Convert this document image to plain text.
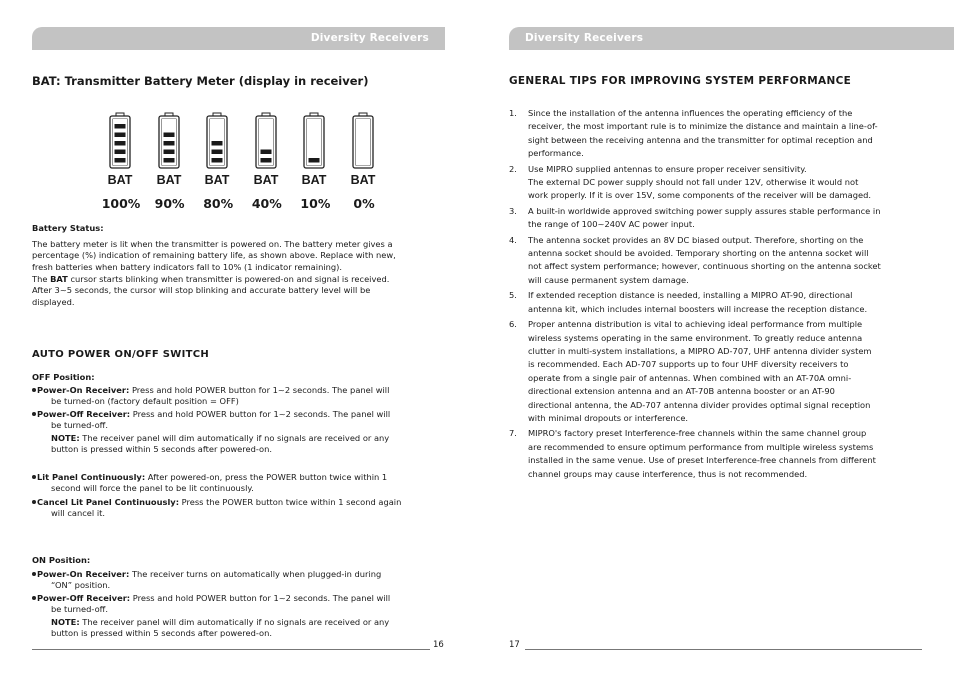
Diversity Receivers
BAT: Transmitter Battery Meter (display in receiver)
BAT
100%
BAT
90%
BAT
80%
BAT
40%
BAT
10%
BAT
0%

Battery Status:

The battery meter is lit when the transmitter is powered on. The battery meter gives a
percentage (%) indication of remaining battery life, as shown above. Replace with new,
fresh batteries when battery indicators fall to 10% (1 indicator remaining).

The BAT cursor starts blinking when transmitter is powered-on and signal is received.
After 3~5 seconds, the cursor will stop blinking and accurate battery level will be
displayed.

AUTO POWER ON/OFF SWITCH

OFF Position:

Power-On Receiver: Press and hold POWER button for 1~2 seconds. The panel will
be turned-on (factory default position = OFF)

Power-Off Receiver: Press and hold POWER button for 1~2 seconds. The panel will
be turned-off.

NOTE: The receiver panel will dim automatically if no signals are received or any
button is pressed within 5 seconds after powered-on.

Lit Panel Continuously: After powered-on, press the POWER button twice within 1
second will force the panel to be lit continuously.

Cancel Lit Panel Continuously: Press the POWER button twice within 1 second again
will cancel it.

ON Position:

Power-On Receiver: The receiver turns on automatically when plugged-in during
“ON” position.

Power-Off Receiver: Press and hold POWER button for 1~2 seconds. The panel will
be turned-off.

NOTE: The receiver panel will dim automatically if no signals are received or any
button is pressed within 5 seconds after powered-on.

16
Diversity Receivers
GENERAL TIPS FOR IMPROVING SYSTEM PERFORMANCE
1. Since the installation of the antenna influences the operating efficiency of the
receiver, the most important rule is to minimize the distance and maintain a line-of-
sight between the receiving antenna and the transmitter for optimal reception and
performance.
2. Use MIPRO supplied antennas to ensure proper receiver sensitivity.
The external DC power supply should not fall under 12V, otherwise it would not
work properly. If it is over 15V, some components of the receiver will be damaged.
3. A built-in worldwide approved switching power supply assures stable performance in
the range of 100~240V AC power input.
4. The antenna socket provides an 8V DC biased output. Therefore, shorting on the
antenna socket should be avoided. Temporary shorting on the antenna socket will
not affect system performance; however, continuous shorting on the antenna socket
will cause permanent system damage.
5. If extended reception distance is needed, installing a MIPRO AT-90, directional
antenna kit, which includes internal boosters will increase the reception distance.
6. Proper antenna distribution is vital to achieving ideal performance from multiple
wireless systems operating in the same environment. To greatly reduce antenna
clutter in multi-system installations, a MIPRO AD-707, UHF antenna divider system
is recommended. Each AD-707 supports up to four UHF diversity receivers to
operate from a single pair of antennas. When combined with an AT-70A omni-
directional extension antenna and an AT-70B antenna booster or an AT-90
directional antenna, the AD-707 antenna divider provides optimal signal reception
with minimal dropouts or interference.
7. MIPRO's factory preset Interference-free channels within the same channel group
are recommended to ensure optimum performance from multiple wireless systems
installed in the same venue. Use of preset Interference-free channels from different
channel groups may cause interference, thus is not recommended.
17
